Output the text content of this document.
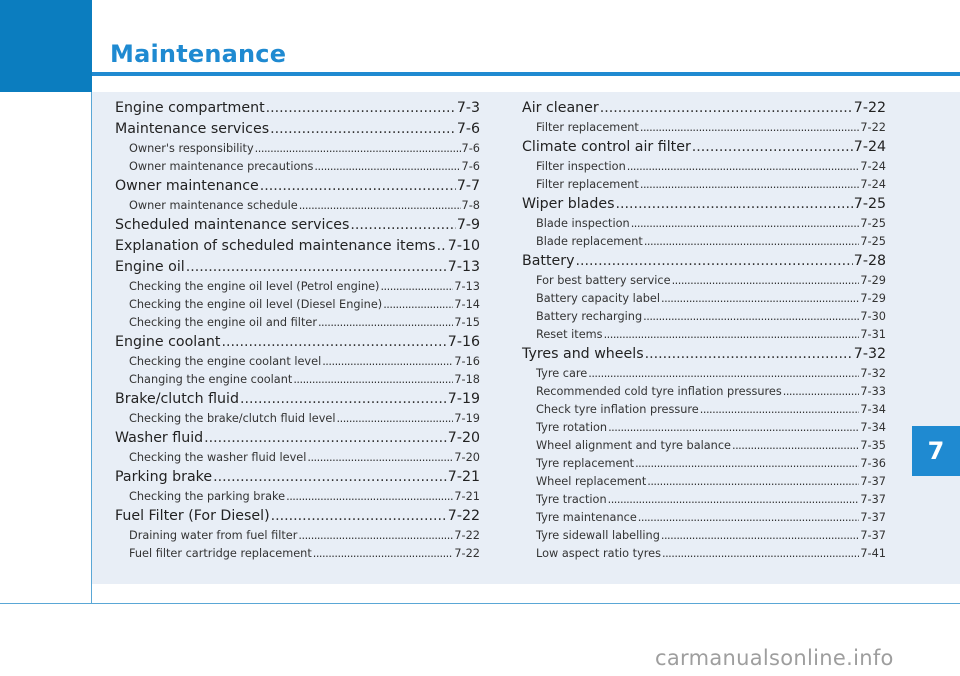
Maintenance
7
Engine compartment .....	7-3
Maintenance services .....	7-6
Owner's responsibility .....	7-6
Owner maintenance precautions .....	7-6
Owner maintenance .....	7-7
Owner maintenance schedule .....	7-8
Scheduled maintenance services .....	7-9
Explanation of scheduled maintenance items ..... 7-10
Engine oil .....	7-13
Checking the engine oil level (Petrol engine) .....	7-13
Checking the engine oil level (Diesel Engine) .....	7-14
Checking the engine oil and filter .....	7-15
Engine coolant .....	7-16
Checking the engine coolant level .....	7-16
Changing the engine coolant .....	7-18
Brake/clutch fluid .....	7-19
Checking the brake/clutch fluid level .....	7-19
Washer fluid .....	7-20
Checking the washer fluid level .....	7-20
Parking brake .....	7-21
Checking the parking brake .....	7-21
Fuel Filter (For Diesel) .....	7-22
Draining water from fuel filter .....	7-22
Fuel filter cartridge replacement .....	7-22
Air cleaner .....	7-22
Filter replacement .....	7-22
Climate control air filter .....	7-24
Filter inspection .....	7-24
Filter replacement .....	7-24
Wiper blades .....	7-25
Blade inspection .....	7-25
Blade replacement .....	7-25
Battery .....	7-28
For best battery service .....	7-29
Battery capacity label .....	7-29
Battery recharging .....	7-30
Reset items .....	7-31
Tyres and wheels .....	7-32
Tyre care .....	7-32
Recommended cold tyre inflation pressures .....	7-33
Check tyre inflation pressure .....	7-34
Tyre rotation .....	7-34
Wheel alignment and tyre balance .....	7-35
Tyre replacement .....	7-36
Wheel replacement .....	7-37
Tyre traction .....	7-37
Tyre maintenance .....	7-37
Tyre sidewall labelling .....	7-37
Low aspect ratio tyres .....	7-41
carmanualsonline.info
